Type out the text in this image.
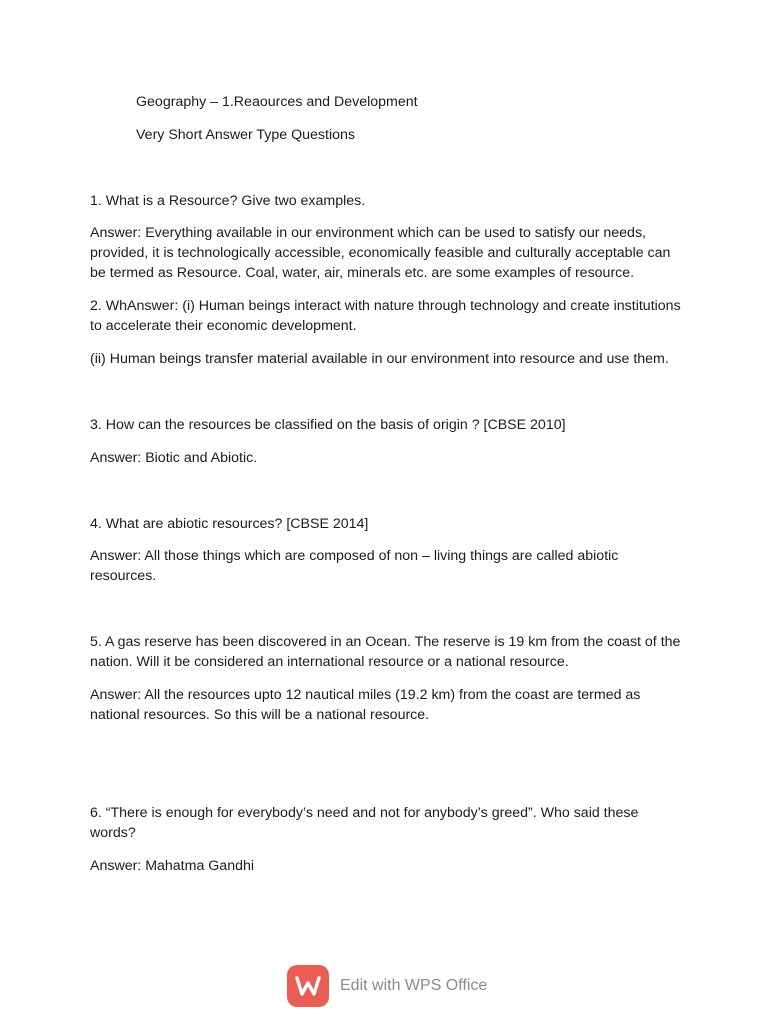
Geography – 1.Reaources and Development

Very Short Answer Type Questions

1. What is a Resource? Give two examples.

Answer: Everything available in our environment which can be used to satisfy our needs, provided, it is technologically accessible, economically feasible and culturally acceptable can be termed as Resource. Coal, water, air, minerals etc. are some examples of resource.

2. WhAnswer: (i) Human beings interact with nature through technology and create institutions to accelerate their economic development.

(ii) Human beings transfer material available in our environment into resource and use them.

3. How can the resources be classified on the basis of origin ? [CBSE 2010]

Answer: Biotic and Abiotic.

4. What are abiotic resources? [CBSE 2014]

Answer: All those things which are composed of non – living things are called abiotic resources.

5. A gas reserve has been discovered in an Ocean. The reserve is 19 km from the coast of the nation. Will it be considered an international resource or a national resource.

Answer: All the resources upto 12 nautical miles (19.2 km) from the coast are termed as national resources. So this will be a national resource.

6. “There is enough for everybody’s need and not for anybody’s greed”. Who said these words?

Answer: Mahatma Gandhi

Edit with WPS Office
